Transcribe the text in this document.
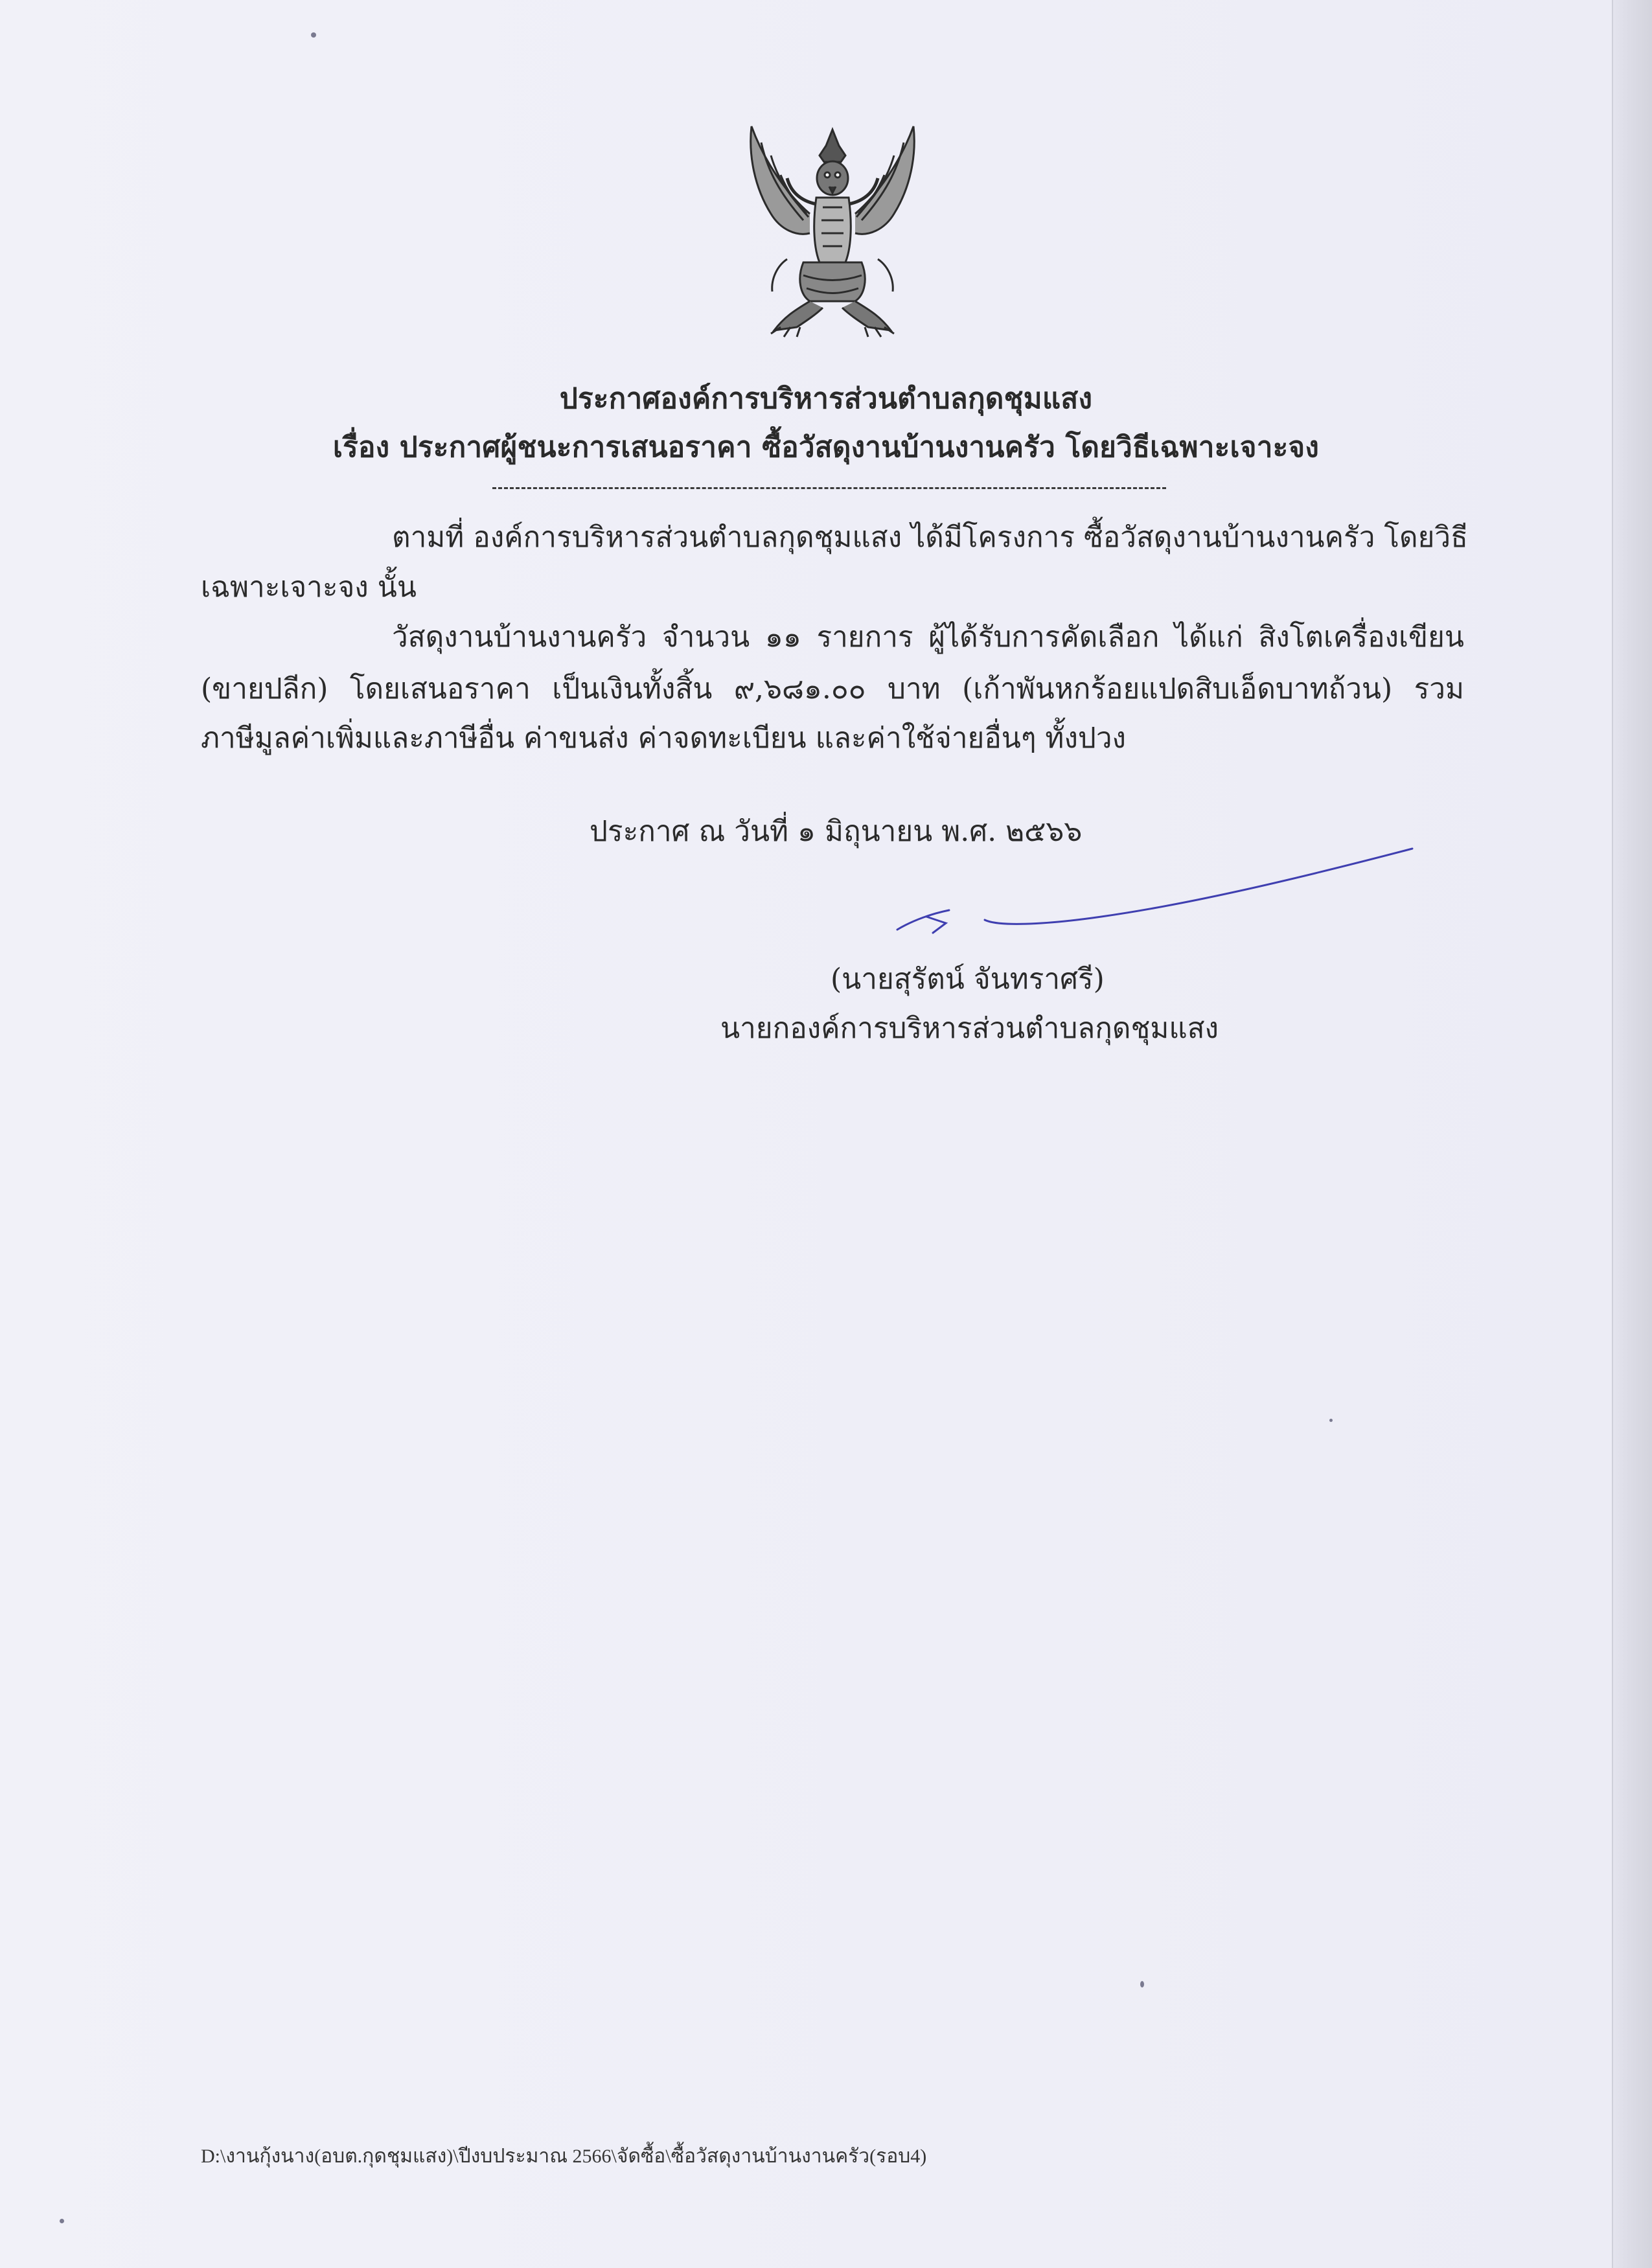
ประกาศองค์การบริหารส่วนตำบลกุดชุมแสง
เรื่อง ประกาศผู้ชนะการเสนอราคา ซื้อวัสดุงานบ้านงานครัว โดยวิธีเฉพาะเจาะจง
ตามที่ องค์การบริหารส่วนตำบลกุดชุมแสง ได้มีโครงการ ซื้อวัสดุงานบ้านงานครัว โดยวิธี
เฉพาะเจาะจง นั้น
วัสดุงานบ้านงานครัว จำนวน ๑๑ รายการ ผู้ได้รับการคัดเลือก ได้แก่ สิงโตเครื่องเขียน
(ขายปลีก) โดยเสนอราคา เป็นเงินทั้งสิ้น ๙,๖๘๑.๐๐ บาท (เก้าพันหกร้อยแปดสิบเอ็ดบาทถ้วน) รวม
ภาษีมูลค่าเพิ่มและภาษีอื่น ค่าขนส่ง ค่าจดทะเบียน และค่าใช้จ่ายอื่นๆ ทั้งปวง
ประกาศ ณ วันที่ ๑ มิถุนายน พ.ศ. ๒๕๖๖
(นายสุรัตน์ จันทราศรี)
นายกองค์การบริหารส่วนตำบลกุดชุมแสง
D:\งานกุ้งนาง(อบต.กุดชุมแสง)\ปีงบประมาณ 2566\จัดซื้อ\ซื้อวัสดุงานบ้านงานครัว(รอบ4)
